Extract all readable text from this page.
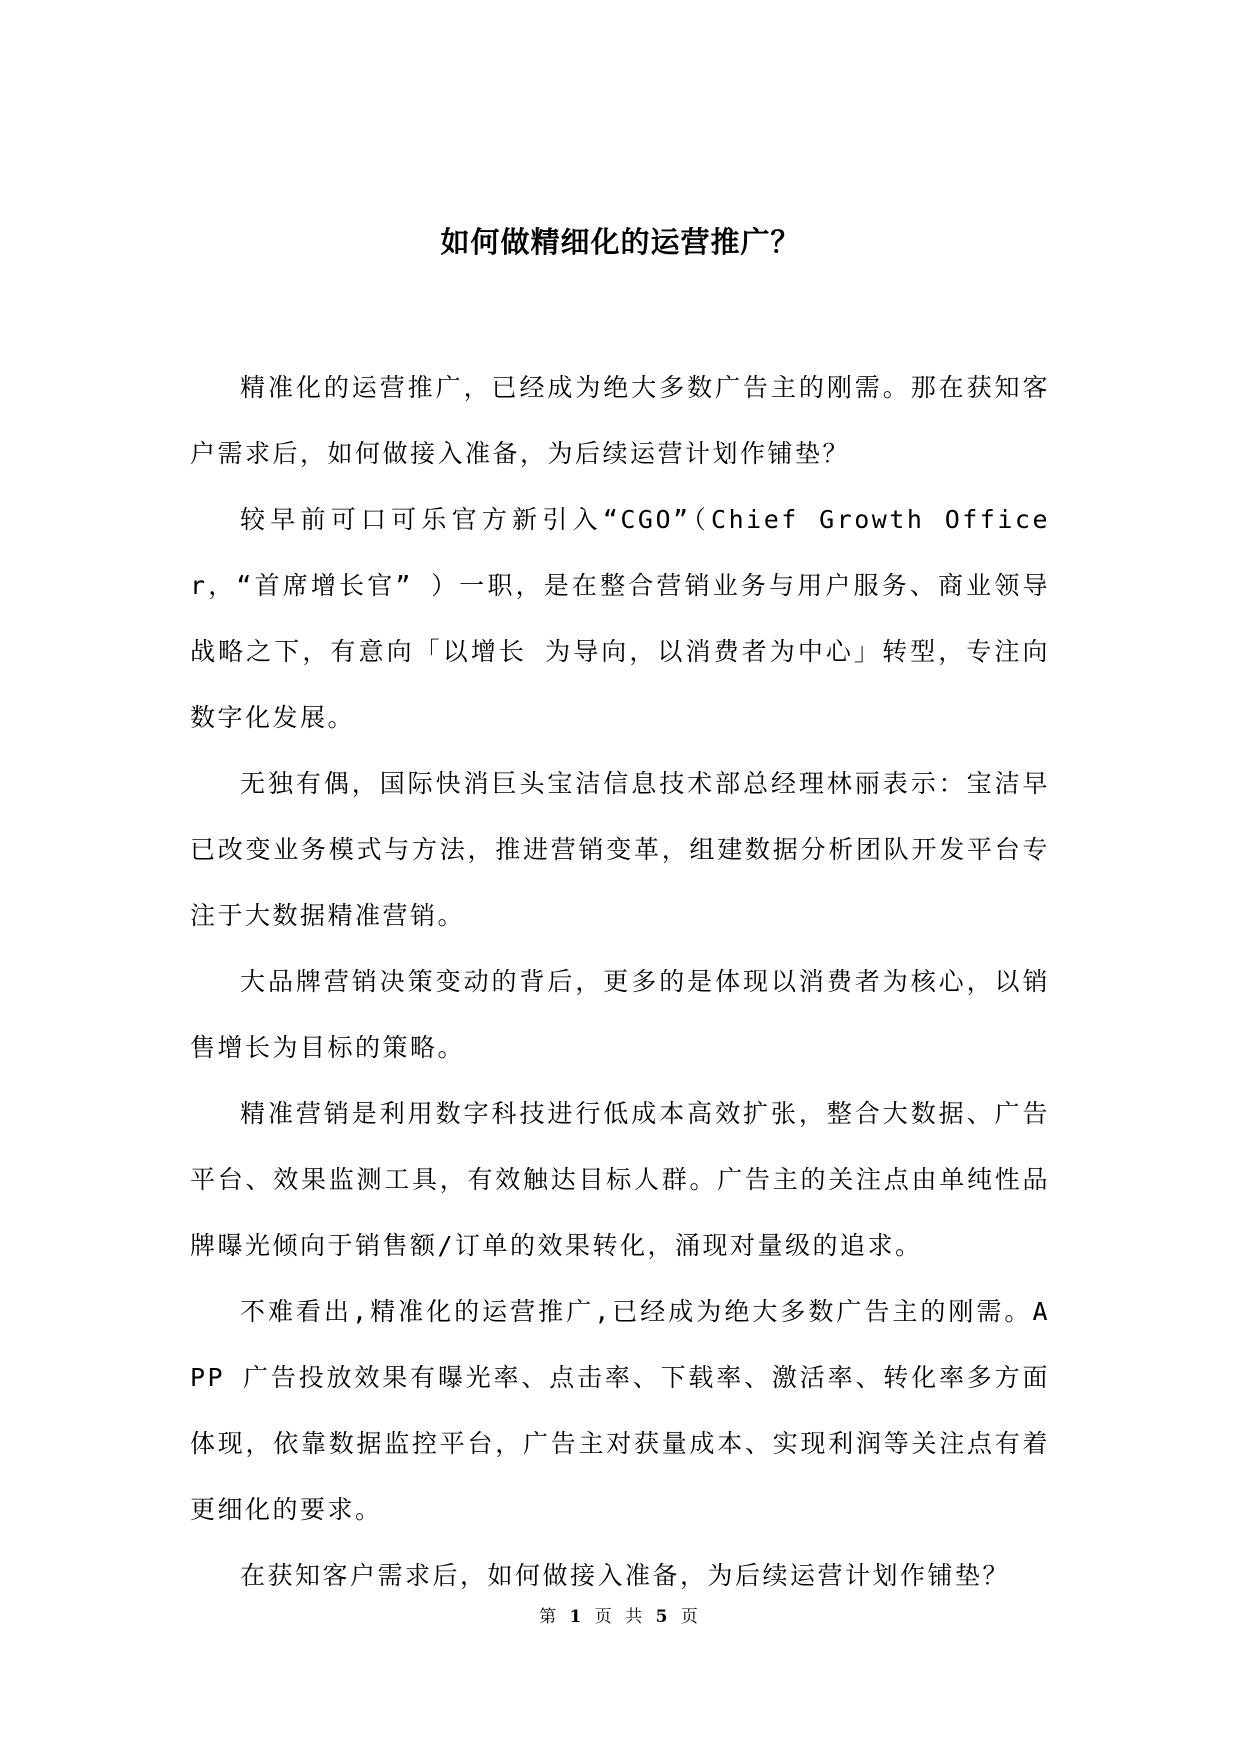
如何做精细化的运营推广？

精准化的运营推广，已经成为绝大多数广告主的刚需。那在获知客户需求后，如何做接入准备，为后续运营计划作铺垫？

较早前可口可乐官方新引入“CGO”（Chief Growth Officer，“首席增长官” ）一职，是在整合营销业务与用户服务、商业领导战略之下，有意向「以增长 为导向，以消费者为中心」转型，专注向数字化发展。

无独有偶，国际快消巨头宝洁信息技术部总经理林丽表示：宝洁早已改变业务模式与方法，推进营销变革，组建数据分析团队开发平台专注于大数据精准营销。

大品牌营销决策变动的背后，更多的是体现以消费者为核心，以销售增长为目标的策略。

精准营销是利用数字科技进行低成本高效扩张，整合大数据、广告平台、效果监测工具，有效触达目标人群。广告主的关注点由单纯性品牌曝光倾向于销售额/订单的效果转化，涌现对量级的追求。

不难看出,精准化的运营推广,已经成为绝大多数广告主的刚需。APP 广告投放效果有曝光率、点击率、下载率、激活率、转化率多方面体现，依靠数据监控平台，广告主对获量成本、实现利润等关注点有着更细化的要求。

在获知客户需求后，如何做接入准备，为后续运营计划作铺垫？

第 1 页 共 5 页
